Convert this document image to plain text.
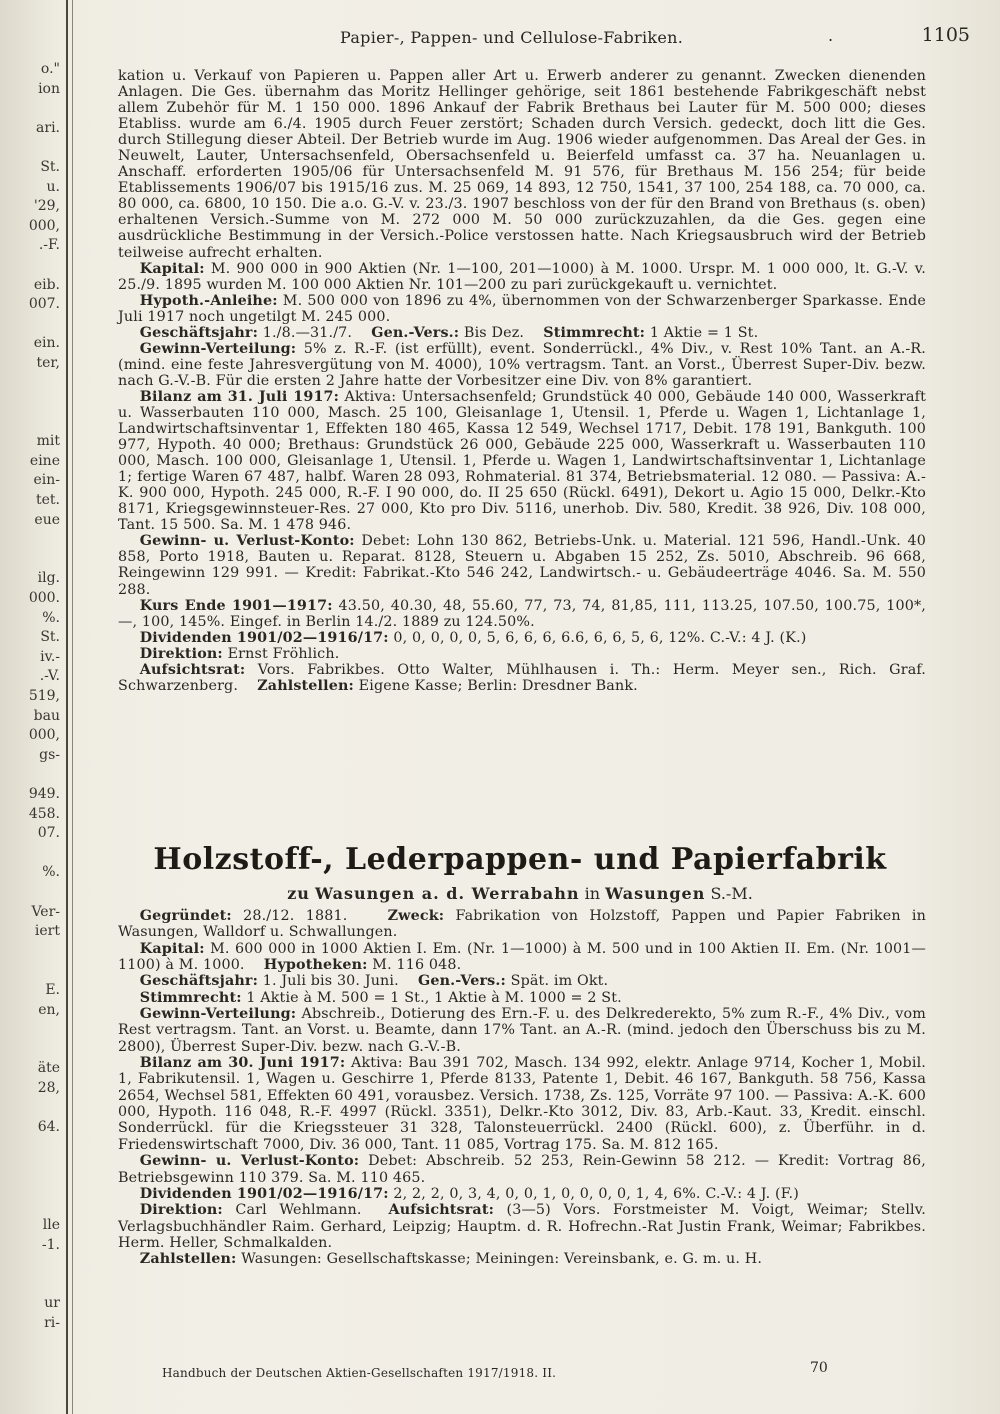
o."
ion
ari.
St.
u.
'29,
000,
.-F.
eib.
007.
ein.
ter,
mit
eine
ein-
tet.
eue
ilg.
000.
%.
St.
iv.-
.-V.
519,
bau
000,
gs-
949.
458.
07.
%.
Ver-
iert
E.
en,
äte
28,
64.
lle
-1.
ur
ri-
Papier-, Pappen- und Cellulose-Fabriken.	.	1105

kation u. Verkauf von Papieren u. Pappen aller Art u. Erwerb anderer zu genannt. Zwecken dienenden Anlagen. Die Ges. übernahm das Moritz Hellinger gehörige, seit 1861 bestehende Fabrikgeschäft nebst allem Zubehör für M. 1 150 000. 1896 Ankauf der Fabrik Brethaus bei Lauter für M. 500 000; dieses Etabliss. wurde am 6./4. 1905 durch Feuer zerstört; Schaden durch Versich. gedeckt, doch litt die Ges. durch Stillegung dieser Abteil. Der Betrieb wurde im Aug. 1906 wieder aufgenommen. Das Areal der Ges. in Neuwelt, Lauter, Untersachsenfeld, Obersachsenfeld u. Beierfeld umfasst ca. 37 ha. Neuanlagen u. Anschaff. erforderten 1905/06 für Untersachsenfeld M. 91 576, für Brethaus M. 156 254; für beide Etablissements 1906/07 bis 1915/16 zus. M. 25 069, 14 893, 12 750, 1541, 37 100, 254 188, ca. 70 000, ca. 80 000, ca. 6800, 10 150. Die a.o. G.-V. v. 23./3. 1907 beschloss von der für den Brand von Brethaus (s. oben) erhaltenen Versich.-Summe von M. 272 000 M. 50 000 zurückzuzahlen, da die Ges. gegen eine ausdrückliche Bestimmung in der Versich.-Police verstossen hatte. Nach Kriegsausbruch wird der Betrieb teilweise aufrecht erhalten.

  Kapital: M. 900 000 in 900 Aktien (Nr. 1—100, 201—1000) à M. 1000. Urspr. M. 1 000 000, lt. G.-V. v. 25./9. 1895 wurden M. 100 000 Aktien Nr. 101—200 zu pari zurückgekauft u. vernichtet.

  Hypoth.-Anleihe: M. 500 000 von 1896 zu 4%, übernommen von der Schwarzenberger Sparkasse. Ende Juli 1917 noch ungetilgt M. 245 000.

  Geschäftsjahr: 1./8.—31./7.  Gen.-Vers.: Bis Dez.  Stimmrecht: 1 Aktie = 1 St.

  Gewinn-Verteilung: 5% z. R.-F. (ist erfüllt), event. Sonderrückl., 4% Div., v. Rest 10% Tant. an A.-R. (mind. eine feste Jahresvergütung von M. 4000), 10% vertragsm. Tant. an Vorst., Überrest Super-Div. bezw. nach G.-V.-B. Für die ersten 2 Jahre hatte der Vorbesitzer eine Div. von 8% garantiert.

  Bilanz am 31. Juli 1917: Aktiva: Untersachsenfeld; Grundstück 40 000, Gebäude 140 000, Wasserkraft u. Wasserbauten 110 000, Masch. 25 100, Gleisanlage 1, Utensil. 1, Pferde u. Wagen 1, Lichtanlage 1, Landwirtschaftsinventar 1, Effekten 180 465, Kassa 12 549, Wechsel 1717, Debit. 178 191, Bankguth. 100 977, Hypoth. 40 000; Brethaus: Grundstück 26 000, Gebäude 225 000, Wasserkraft u. Wasserbauten 110 000, Masch. 100 000, Gleisanlage 1, Utensil. 1, Pferde u. Wagen 1, Landwirtschaftsinventar 1, Lichtanlage 1; fertige Waren 67 487, halbf. Waren 28 093, Rohmaterial. 81 374, Betriebsmaterial. 12 080. — Passiva: A.-K. 900 000, Hypoth. 245 000, R.-F. I 90 000, do. II 25 650 (Rückl. 6491), Dekort u. Agio 15 000, Delkr.-Kto 8171, Kriegsgewinnsteuer-Res. 27 000, Kto pro Div. 5116, unerhob. Div. 580, Kredit. 38 926, Div. 108 000, Tant. 15 500. Sa. M. 1 478 946.

  Gewinn- u. Verlust-Konto: Debet: Lohn 130 862, Betriebs-Unk. u. Material. 121 596, Handl.-Unk. 40 858, Porto 1918, Bauten u. Reparat. 8128, Steuern u. Abgaben 15 252, Zs. 5010, Abschreib. 96 668, Reingewinn 129 991. — Kredit: Fabrikat.-Kto 546 242, Landwirtsch.- u. Gebäudeerträge 4046. Sa. M. 550 288.

  Kurs Ende 1901—1917: 43.50, 40.30, 48, 55.60, 77, 73, 74, 81,85, 111, 113.25, 107.50, 100.75, 100*, —, 100, 145%. Eingef. in Berlin 14./2. 1889 zu 124.50%.

  Dividenden 1901/02—1916/17: 0, 0, 0, 0, 0, 5, 6, 6, 6, 6.6, 6, 6, 5, 6, 12%. C.-V.: 4 J. (K.)

  Direktion: Ernst Fröhlich.

  Aufsichtsrat: Vors. Fabrikbes. Otto Walter, Mühlhausen i. Th.: Herm. Meyer sen., Rich. Graf. Schwarzenberg.  Zahlstellen: Eigene Kasse; Berlin: Dresdner Bank.

Holzstoff-, Lederpappen- und Papierfabrik
zu Wasungen a. d. Werrabahn in Wasungen S.-M.

  Gegründet: 28./12. 1881.  	Zweck: Fabrikation von Holzstoff, Pappen und Papier Fabriken in Wasungen, Walldorf u. Schwallungen.

  Kapital: M. 600 000 in 1000 Aktien I. Em. (Nr. 1—1000) à M. 500 und in 100 Aktien II. Em. (Nr. 1001—1100) à M. 1000.  Hypotheken: M. 116 048.

  Geschäftsjahr: 1. Juli bis 30. Juni.  Gen.-Vers.: Spät. im Okt.

  Stimmrecht: 1 Aktie à M. 500 = 1 St., 1 Aktie à M. 1000 = 2 St.

  Gewinn-Verteilung: Abschreib., Dotierung des Ern.-F. u. des Delkrederekto, 5% zum R.-F., 4% Div., vom Rest vertragsm. Tant. an Vorst. u. Beamte, dann 17% Tant. an A.-R. (mind. jedoch den Überschuss bis zu M. 2800), Überrest Super-Div. bezw. nach G.-V.-B.

  Bilanz am 30. Juni 1917: Aktiva: Bau 391 702, Masch. 134 992, elektr. Anlage 9714, Kocher 1, Mobil. 1, Fabrikutensil. 1, Wagen u. Geschirre 1, Pferde 8133, Patente 1, Debit. 46 167, Bankguth. 58 756, Kassa 2654, Wechsel 581, Effekten 60 491, vorausbez. Versich. 1738, Zs. 125, Vorräte 97 100. — Passiva: A.-K. 600 000, Hypoth. 116 048, R.-F. 4997 (Rückl. 3351), Delkr.-Kto 3012, Div. 83, Arb.-Kaut. 33, Kredit. einschl. Sonderrückl. für die Kriegssteuer 31 328, Talonsteuerrückl. 2400 (Rückl. 600), z. Überführ. in d. Friedenswirtschaft 7000, Div. 36 000, Tant. 11 085, Vortrag 175. Sa. M. 812 165.

  Gewinn- u. Verlust-Konto: Debet: Abschreib. 52 253, Rein-Gewinn 58 212. — Kredit: Vortrag 86, Betriebsgewinn 110 379. Sa. M. 110 465.

  Dividenden 1901/02—1916/17: 2, 2, 2, 0, 3, 4, 0, 0, 1, 0, 0, 0, 0, 1, 4, 6%. C.-V.: 4 J. (F.)

  Direktion: Carl Wehlmann.  Aufsichtsrat: (3—5) Vors. Forstmeister M. Voigt, Weimar; Stellv. Verlagsbuchhändler Raim. Gerhard, Leipzig; Hauptm. d. R. Hofrechn.-Rat Justin Frank, Weimar; Fabrikbes. Herm. Heller, Schmalkalden.

  Zahlstellen: Wasungen: Gesellschaftskasse; Meiningen: Vereinsbank, e. G. m. u. H.

Handbuch der Deutschen Aktien-Gesellschaften 1917/1918. II.	70
